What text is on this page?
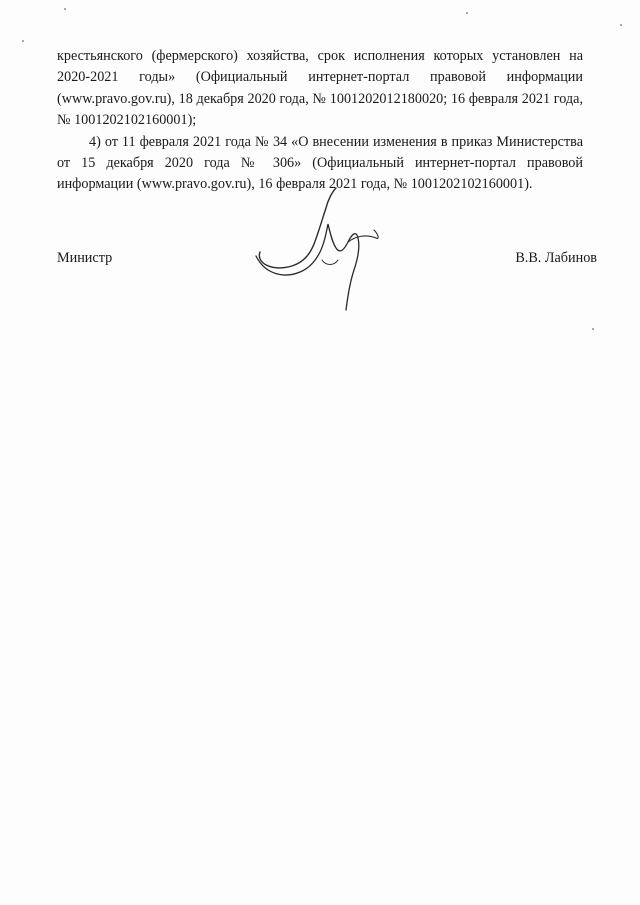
крестьянского (фермерского) хозяйства, срок исполнения которых установлен на 2020-2021 годы» (Официальный интернет-портал правовой информации (www.pravo.gov.ru), 18 декабря 2020 года, № 1001202012180020; 16 февраля 2021 года, № 1001202102160001);

4) от 11 февраля 2021 года № 34 «О внесении изменения в приказ Министерства от 15 декабря 2020 года № 306» (Официальный интернет-портал правовой информации (www.pravo.gov.ru), 16 февраля 2021 года, № 1001202102160001).

Министр	В.В. Лабинов
